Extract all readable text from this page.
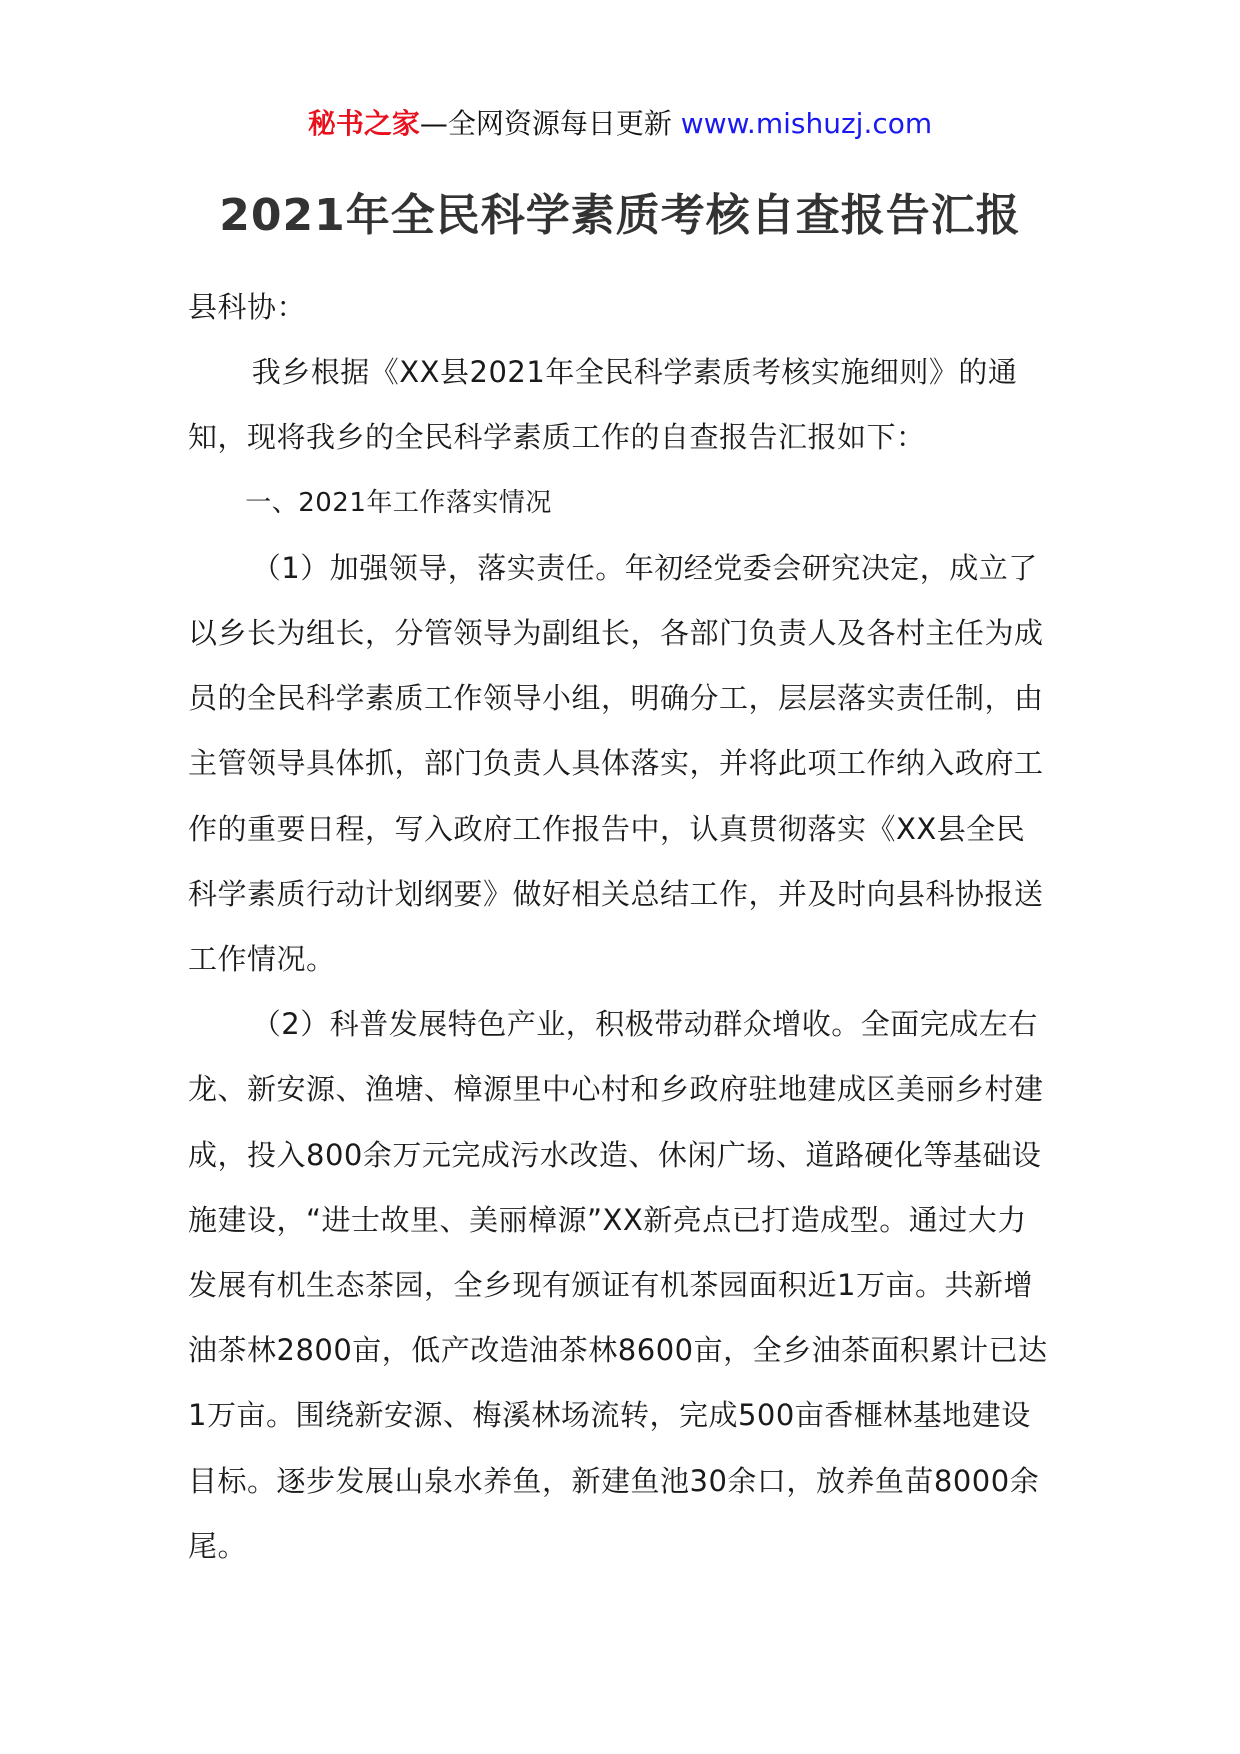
秘书之家—全网资源每日更新 www.mishuzj.com
2021年全民科学素质考核自查报告汇报

县科协：

我乡根据《XX县2021年全民科学素质考核实施细则》的通知，现将我乡的全民科学素质工作的自查报告汇报如下：

一、2021年工作落实情况

（1）加强领导，落实责任。年初经党委会研究决定，成立了以乡长为组长，分管领导为副组长，各部门负责人及各村主任为成员的全民科学素质工作领导小组，明确分工，层层落实责任制，由主管领导具体抓，部门负责人具体落实，并将此项工作纳入政府工作的重要日程，写入政府工作报告中，认真贯彻落实《XX县全民科学素质行动计划纲要》做好相关总结工作，并及时向县科协报送工作情况。

（2）科普发展特色产业，积极带动群众增收。全面完成左右龙、新安源、渔塘、樟源里中心村和乡政府驻地建成区美丽乡村建成，投入800余万元完成污水改造、休闲广场、道路硬化等基础设施建设，“进士故里、美丽樟源”XX新亮点已打造成型。通过大力发展有机生态茶园，全乡现有颁证有机茶园面积近1万亩。共新增油茶林2800亩，低产改造油茶林8600亩，全乡油茶面积累计已达1万亩。围绕新安源、梅溪林场流转，完成500亩香榧林基地建设目标。逐步发展山泉水养鱼，新建鱼池30余口，放养鱼苗8000余尾。
